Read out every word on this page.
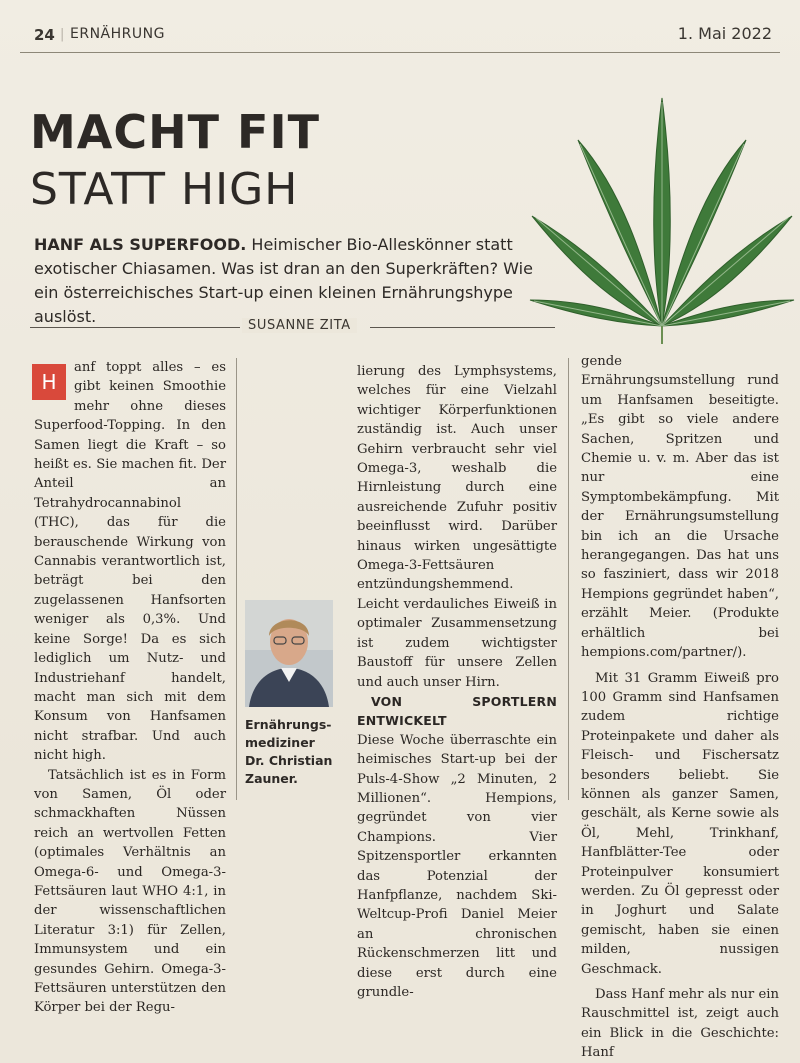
24 | ERNÄHRUNG	1. Mai 2022
MACHT FIT
STATT HIGH
HANF ALS SUPERFOOD. Heimischer Bio-Alleskönner statt exotischer Chiasamen. Was ist dran an den Superkräften? Wie ein österreichisches Start-up einen kleinen Ernährungshype auslöst.	SUSANNE ZITA

H
anf toppt alles – es gibt keinen Smoothie mehr ohne dieses Superfood-Topping. In den Samen liegt die Kraft – so heißt es. Sie machen fit. Der Anteil an Tetrahydrocannabinol (THC), das für die berauschende Wirkung von Cannabis verantwortlich ist, beträgt bei den zugelassenen Hanfsorten weniger als 0,3%. Und keine Sorge! Da es sich lediglich um Nutz- und Industriehanf handelt, macht man sich mit dem Konsum von Hanfsamen nicht strafbar. Und auch nicht high.

Tatsächlich ist es in Form von Samen, Öl oder schmackhaften Nüssen reich an wertvollen Fetten (optimales Verhältnis an Omega-6- und Omega-3-Fettsäuren laut WHO 4:1, in der wissenschaftlichen Literatur 3:1) für Zellen, Immunsystem und ein gesundes Gehirn. Omega-3-Fettsäuren unterstützen den Körper bei der Regu-

Ernährungs-
mediziner
Dr. Christian
Zauner.

lierung des Lymphsystems, welches für eine Vielzahl wichtiger Körperfunktionen zuständig ist. Auch unser Gehirn verbraucht sehr viel Omega-3, weshalb die Hirnleistung durch eine ausreichende Zufuhr positiv beeinflusst wird. Darüber hinaus wirken ungesättigte Omega-3-Fettsäuren entzündungshemmend. Leicht verdauliches Eiweiß in optimaler Zusammensetzung ist zudem wichtigster Baustoff für unsere Zellen und auch unser Hirn.

VON SPORTLERN ENTWICKELT

Diese Woche überraschte ein heimisches Start-up bei der Puls-4-Show „2 Minuten, 2 Millionen“. Hempions, gegründet von vier Champions. Vier Spitzensportler erkannten das Potenzial der Hanfpflanze, nachdem Ski-Weltcup-Profi Daniel Meier an chronischen Rückenschmerzen litt und diese erst durch eine grundle-

gende Ernährungsumstellung rund um Hanfsamen beseitigte. „Es gibt so viele andere Sachen, Spritzen und Chemie u. v. m. Aber das ist nur eine Symptombekämpfung. Mit der Ernährungsumstellung bin ich an die Ursache herangegangen. Das hat uns so fasziniert, dass wir 2018 Hempions gegründet haben“, erzählt Meier. (Produkte erhältlich bei hempions.com/partner/).

Mit 31 Gramm Eiweiß pro 100 Gramm sind Hanfsamen zudem richtige Proteinpakete und daher als Fleisch- und Fischersatz besonders beliebt. Sie können als ganzer Samen, geschält, als Kerne sowie als Öl, Mehl, Trinkhanf, Hanfblätter-Tee oder Proteinpulver konsumiert werden. Zu Öl gepresst oder in Joghurt und Salate gemischt, haben sie einen milden, nussigen Geschmack.

Dass Hanf mehr als nur ein Rauschmittel ist, zeigt auch ein Blick in die Geschichte: Hanf
